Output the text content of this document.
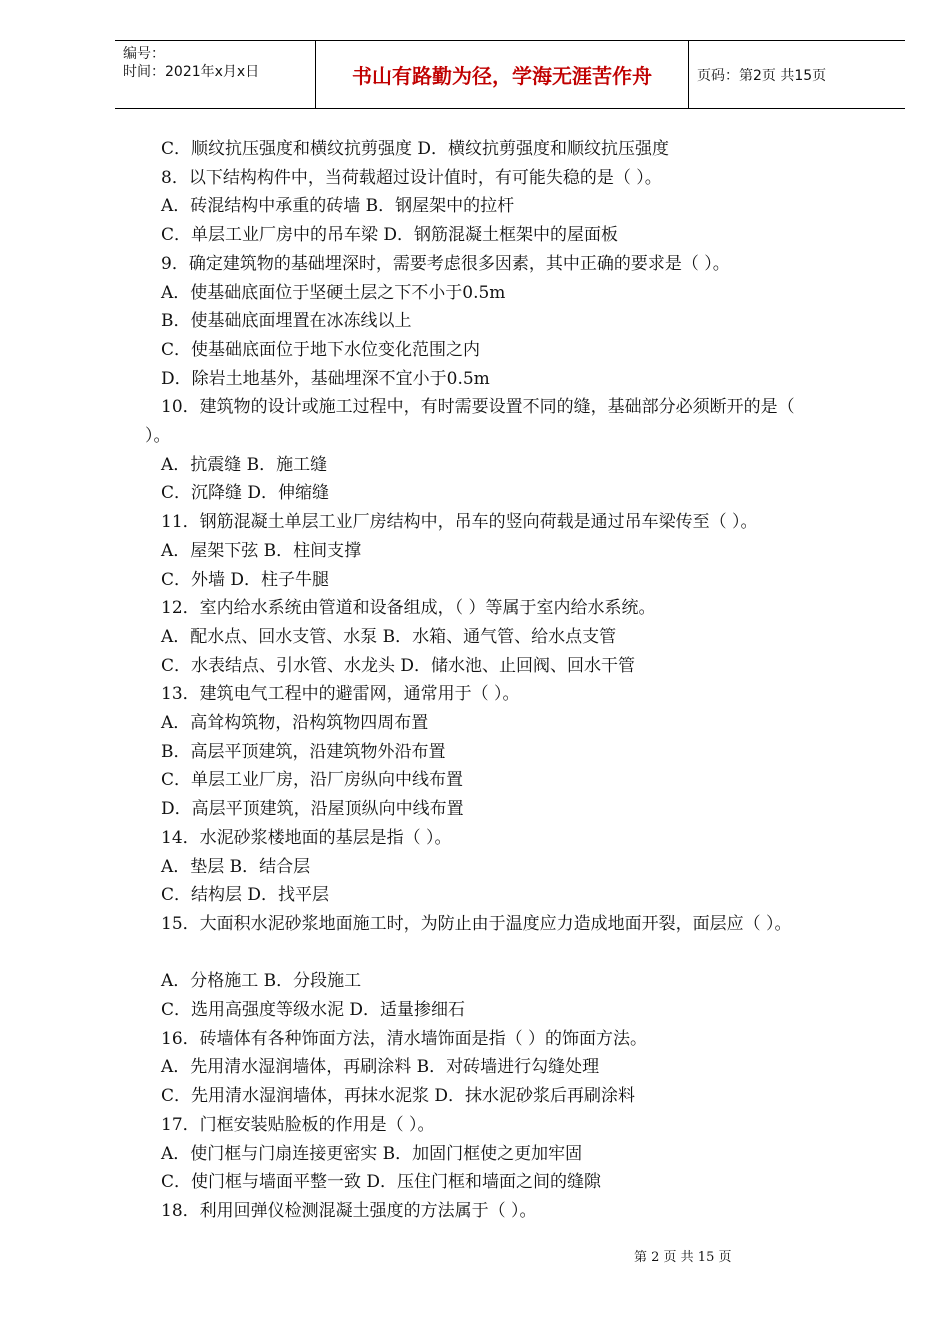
编号：
时间：2021年x月x日	书山有路勤为径，学海无涯苦作舟	页码：第2页 共15页
C．顺纹抗压强度和横纹抗剪强度 D．横纹抗剪强度和顺纹抗压强度
8．以下结构构件中，当荷载超过设计值时，有可能失稳的是（ ）。
A．砖混结构中承重的砖墙 B．钢屋架中的拉杆
C．单层工业厂房中的吊车梁 D．钢筋混凝土框架中的屋面板
9．确定建筑物的基础埋深时，需要考虑很多因素，其中正确的要求是（ ）。
A．使基础底面位于坚硬土层之下不小于0.5m
B．使基础底面埋置在冰冻线以上
C．使基础底面位于地下水位变化范围之内
D．除岩土地基外，基础埋深不宜小于0.5m
10．建筑物的设计或施工过程中，有时需要设置不同的缝，基础部分必须断开的是（
）。
A．抗震缝 B．施工缝
C．沉降缝 D．伸缩缝
11．钢筋混凝土单层工业厂房结构中，吊车的竖向荷载是通过吊车梁传至（ ）。
A．屋架下弦 B．柱间支撑
C．外墙 D．柱子牛腿
12．室内给水系统由管道和设备组成，（ ）等属于室内给水系统。
A．配水点、回水支管、水泵 B．水箱、通气管、给水点支管
C．水表结点、引水管、水龙头 D．储水池、止回阀、回水干管
13．建筑电气工程中的避雷网，通常用于（ ）。
A．高耸构筑物，沿构筑物四周布置
B．高层平顶建筑，沿建筑物外沿布置
C．单层工业厂房，沿厂房纵向中线布置
D．高层平顶建筑，沿屋顶纵向中线布置
14．水泥砂浆楼地面的基层是指（ ）。
A．垫层 B．结合层
C．结构层 D．找平层
15．大面积水泥砂浆地面施工时，为防止由于温度应力造成地面开裂，面层应（ ）。
A．分格施工 B．分段施工
C．选用高强度等级水泥 D．适量掺细石
16．砖墙体有各种饰面方法，清水墙饰面是指（ ）的饰面方法。
A．先用清水湿润墙体，再刷涂料 B．对砖墙进行勾缝处理
C．先用清水湿润墙体，再抹水泥浆 D．抹水泥砂浆后再刷涂料
17．门框安装贴脸板的作用是（ ）。
A．使门框与门扇连接更密实 B．加固门框使之更加牢固
C．使门框与墙面平整一致 D．压住门框和墙面之间的缝隙
18．利用回弹仪检测混凝土强度的方法属于（ ）。
第 2 页 共 15 页
